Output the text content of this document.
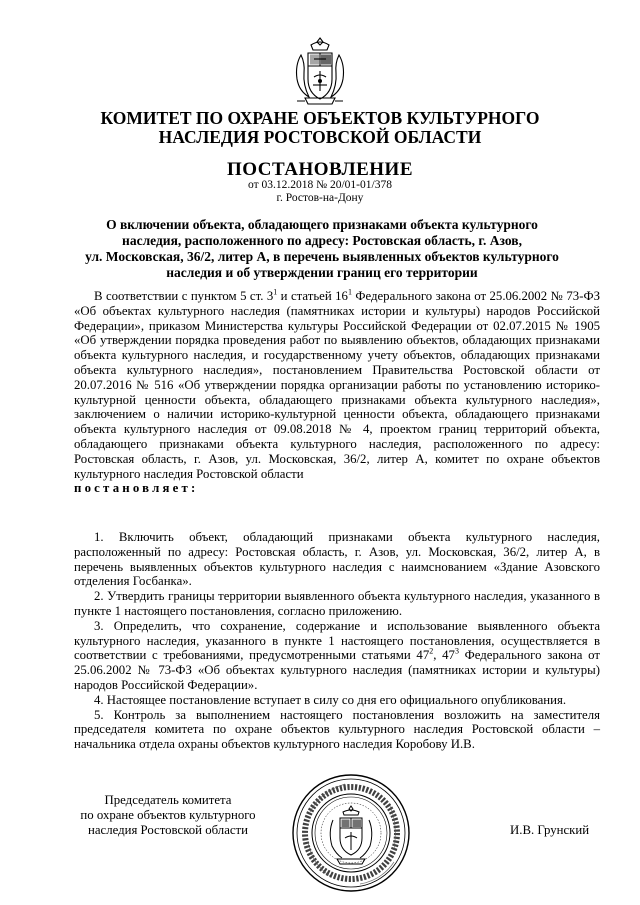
КОМИТЕТ ПО ОХРАНЕ ОБЪЕКТОВ КУЛЬТУРНОГО
НАСЛЕДИЯ РОСТОВСКОЙ ОБЛАСТИ
ПОСТАНОВЛЕНИЕ
от 03.12.2018 № 20/01-01/378
г. Ростов-на-Дону
О включении объекта, обладающего признаками объекта культурного
наследия, расположенного по адресу: Ростовская область, г. Азов,
ул. Московская, 36/2, литер А, в перечень выявленных объектов культурного
наследия и об утверждении границ его территории

В соответствии с пунктом 5 ст. $3^1$ и статьей $16^1$ Федерального закона от 25.06.2002 № 73-ФЗ «Об объектах культурного наследия (памятниках истории и культуры) народов Российской Федерации», приказом Министерства культуры Российской Федерации от 02.07.2015 № 1905 «Об утверждении порядка проведения работ по выявлению объектов, обладающих признаками объекта культурного наследия, и государственному учету объектов, обладающих признаками объекта культурного наследия», постановлением Правительства Ростовской области от 20.07.2016 № 516 «Об утверждении порядка организации работы по установлению историко-культурной ценности объекта, обладающего признаками объекта культурного наследия», заключением о наличии историко-культурной ценности объекта, обладающего признаками объекта культурного наследия от 09.08.2018 № 4, проектом границ территорий объекта, обладающего признаками объекта культурного наследия, расположенного по адресу: Ростовская область, г. Азов, ул. Московская, 36/2, литер А, комитет по охране объектов культурного наследия Ростовской области

постановляет:

1. Включить объект, обладающий признаками объекта культурного наследия, расположенный по адресу: Ростовская область, г. Азов, ул. Московская, 36/2, литер А, в перечень выявленных объектов культурного наследия с наимснованием «Здание Азовского отделения Госбанка».

2. Утвердить границы территории выявленного объекта культурного наследия, указанного в пункте 1 настоящего постановления, согласно приложению.

3. Определить, что сохранение, содержание и использование выявленного объекта культурного наследия, указанного в пункте 1 настоящего постановления, осуществляется в соответствии с требованиями, предусмотренными статьями $47^2$, $47^3$ Федерального закона от 25.06.2002 № 73-ФЗ «Об объектах культурного наследия (памятниках истории и культуры) народов Российской Федерации».

4. Настоящее постановление вступает в силу со дня его официального опубликования.

5. Контроль за выполнением настоящего постановления возложить на заместителя председателя комитета по охране объектов культурного наследия Ростовской области – начальника отдела охраны объектов культурного наследия Коробову И.В.

Председатель комитета
по охране объектов культурного
наследия Ростовской области	И.В. Грунский
